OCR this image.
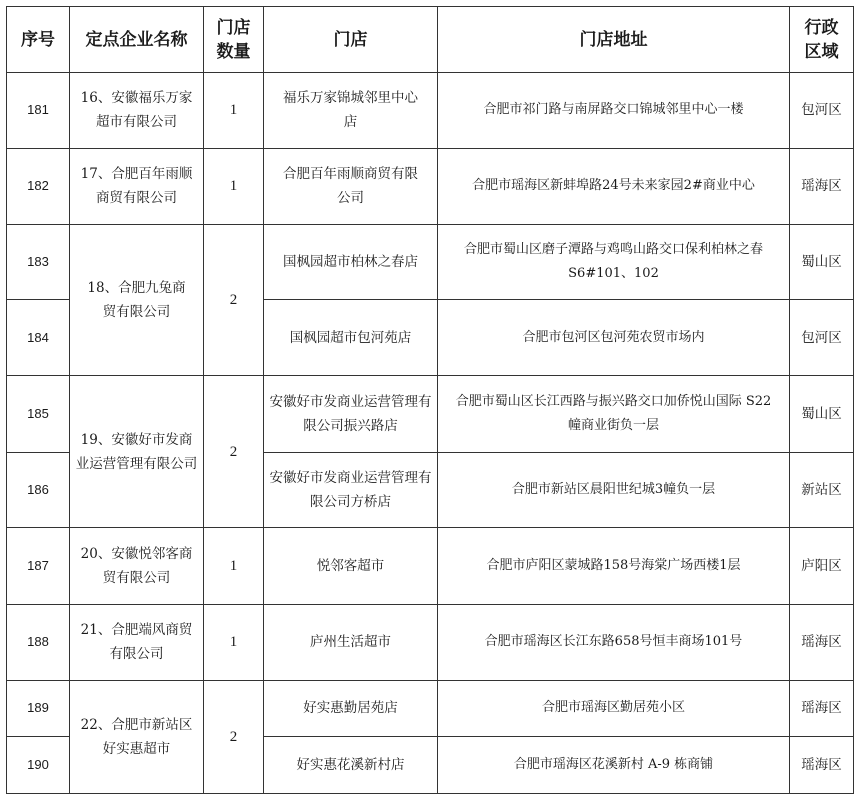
序号	定点企业名称	门店数量	门店	门店地址	行政区域
181	16、安徽福乐万家超市有限公司	1	福乐万家锦城邻里中心店	合肥市祁门路与南屏路交口锦城邻里中心一楼	包河区
182	17、合肥百年雨顺商贸有限公司	1	合肥百年雨顺商贸有限公司	合肥市瑶海区新蚌埠路24号未来家园2#商业中心	瑶海区
183	18、合肥九兔商贸有限公司	2	国枫园超市柏林之春店	合肥市蜀山区磨子潭路与鸡鸣山路交口保利柏林之春 S6#101、102	蜀山区
184			国枫园超市包河苑店	合肥市包河区包河苑农贸市场内	包河区
185	19、安徽好市发商业运营管理有限公司	2	安徽好市发商业运营管理有限公司振兴路店	合肥市蜀山区长江西路与振兴路交口加侨悦山国际 S22 幢商业街负一层	蜀山区
186			安徽好市发商业运营管理有限公司方桥店	合肥市新站区晨阳世纪城3幢负一层	新站区
187	20、安徽悦邻客商贸有限公司	1	悦邻客超市	合肥市庐阳区蒙城路158号海棠广场西楼1层	庐阳区
188	21、合肥端风商贸有限公司	1	庐州生活超市	合肥市瑶海区长江东路658号恒丰商场101号	瑶海区
189	22、合肥市新站区好实惠超市	2	好实惠勤居苑店	合肥市瑶海区勤居苑小区	瑶海区
190			好实惠花溪新村店	合肥市瑶海区花溪新村 A-9 栋商铺	瑶海区
